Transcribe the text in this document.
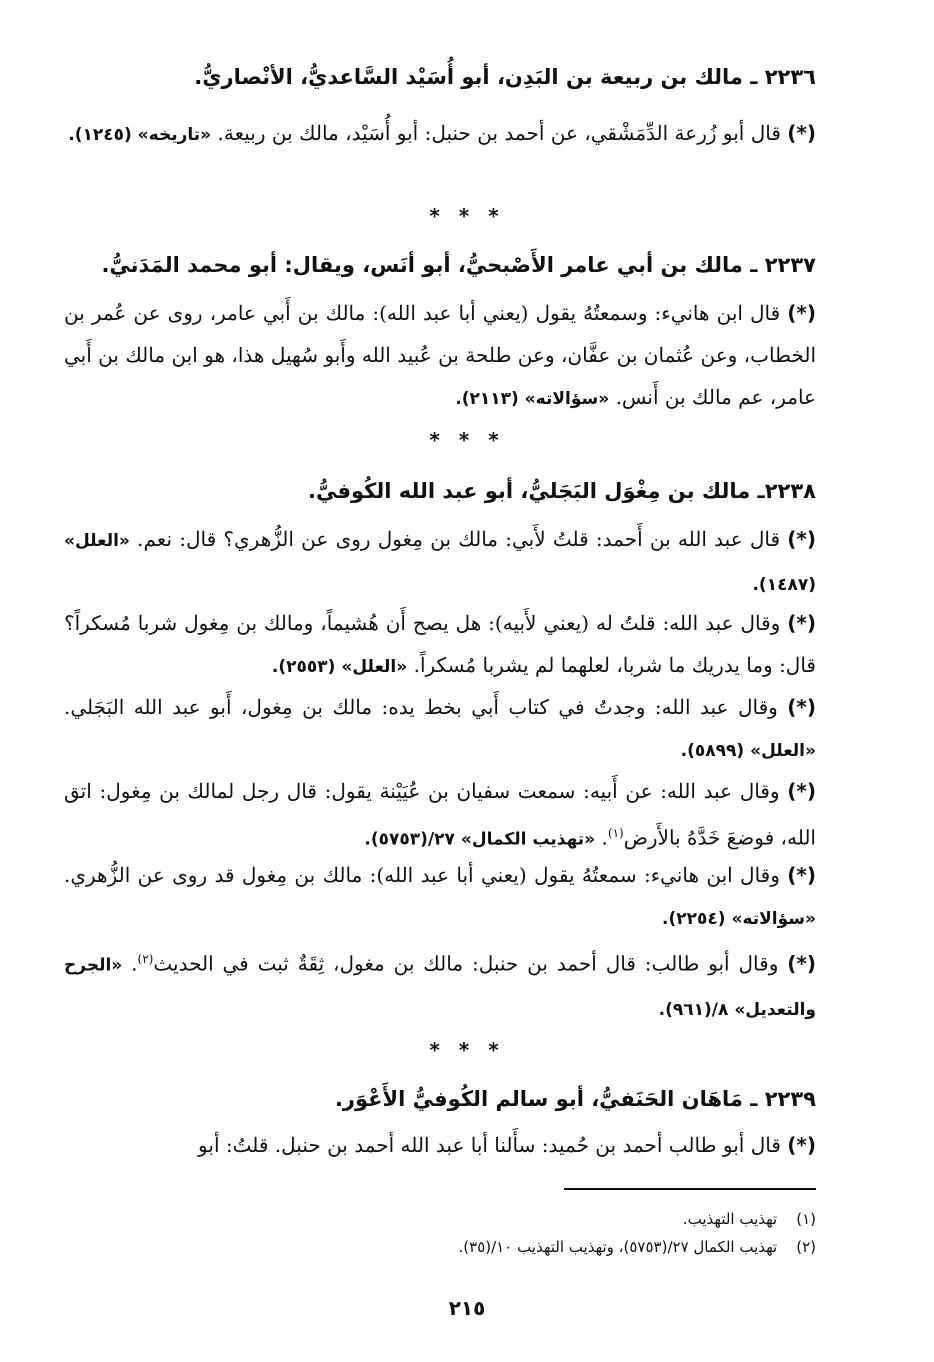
٢٢٣٦ ـ مالك بن ربيعة بن البَدِن، أبو أُسَيْد السَّاعديُّ، الأنْصاريُّ.
(*) قال أبو زُرعة الدِّمَشْقي، عن أحمد بن حنبل: أبو أُسَيْد، مالك بن ربيعة. «تاريخه» (١٢٤٥).
* * *
٢٢٣٧ ـ مالك بن أبي عامر الأَصْبحيُّ، أبو أنَس، ويقال: أبو محمد المَدَنيُّ.
(*) قال ابن هانيء: وسمعتُهُ يقول (يعني أبا عبد الله): مالك بن أَبي عامر، روى عن عُمر بن الخطاب، وعن عُثمان بن عفَّان، وعن طلحة بن عُبيد الله وأَبو سُهيل هذا، هو ابن مالك بن أَبي عامر، عم مالك بن أَنس. «سؤالاته» (٢١١٣).
* * *
٢٢٣٨ـ مالك بن مِغْوَل البَجَليُّ، أبو عبد الله الكُوفيُّ.
(*) قال عبد الله بن أَحمد: قلتُ لأَبي: مالك بن مِغول روى عن الزُّهري؟ قال: نعم. «العلل» (١٤٨٧).
(*) وقال عبد الله: قلتُ له (يعني لأَبيه): هل يصح أَن هُشيماً، ومالك بن مِغول شربا مُسكراً؟ قال: وما يدريك ما شربا، لعلهما لم يشربا مُسكراً. «العلل» (٢٥٥٣).
(*) وقال عبد الله: وجدتُ في كتاب أَبي بخط يده: مالك بن مِغول، أَبو عبد الله البَجَلي. «العلل» (٥٨٩٩).
(*) وقال عبد الله: عن أَبيه: سمعت سفيان بن عُيَيْنة يقول: قال رجل لمالك بن مِغول: اتق الله، فوضعَ خَدَّهُ بالأَرض$^{(١)}$. «تهذيب الكمال» ٢٧/(٥٧٥٣).
(*) وقال ابن هانيء: سمعتُهُ يقول (يعني أبا عبد الله): مالك بن مِغول قد روى عن الزُّهري. «سؤالاته» (٢٢٥٤).
(*) وقال أبو طالب: قال أحمد بن حنبل: مالك بن مغول، ثِقَةٌ ثبت في الحديث$^{(٢)}$. «الجرح والتعديل» ٨/(٩٦١).
* * *
٢٢٣٩ ـ مَاهَان الحَنَفيُّ، أبو سالم الكُوفيُّ الأَعْوَر.
(*) قال أبو طالب أحمد بن حُميد: سأَلنا أبا عبد الله أحمد بن حنبل. قلتُ: أبو
(١) تهذيب التهذيب.
(٢) تهذيب الكمال ٢٧/(٥٧٥٣)، وتهذيب التهذيب ١٠/(٣٥).
٢١٥
